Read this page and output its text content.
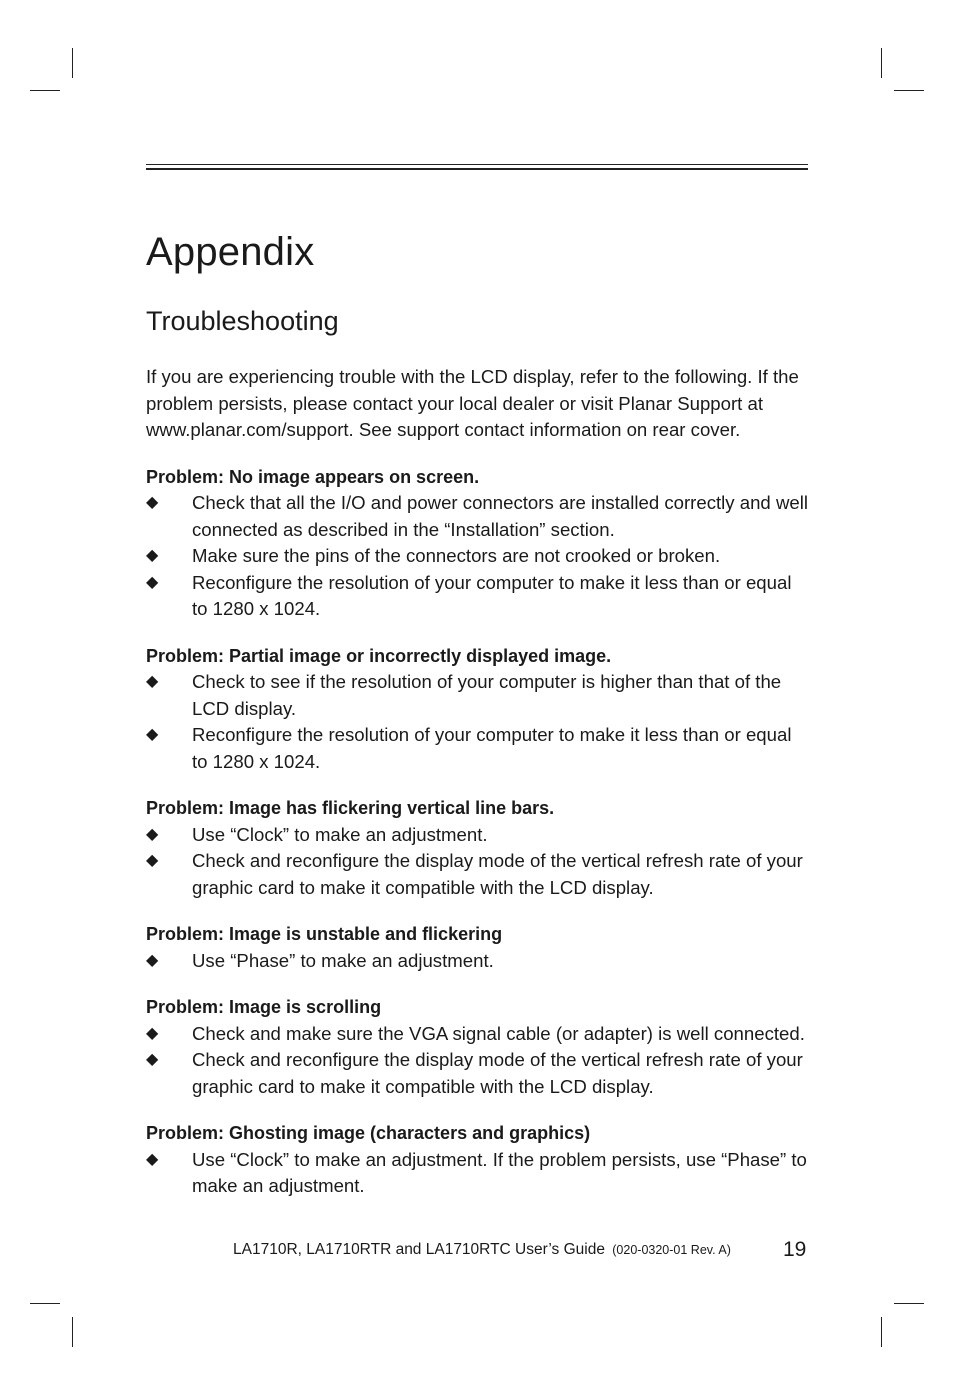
Appendix
Troubleshooting

If you are experiencing trouble with the LCD display, refer to the following. If the problem persists, please contact your local dealer or visit Planar Support at www.planar.com/support. See support contact information on rear cover.

Problem: No image appears on screen.

◆ Check that all the I/O and power connectors are installed correctly and well connected as described in the “Installation” section.
◆ Make sure the pins of the connectors are not crooked or broken.
◆ Reconfigure the resolution of your computer to make it less than or equal to 1280 x 1024.

Problem: Partial image or incorrectly displayed image.

◆ Check to see if the resolution of your computer is higher than that of the LCD display.
◆ Reconfigure the resolution of your computer to make it less than or equal to 1280 x 1024.

Problem: Image has flickering vertical line bars.

◆ Use “Clock” to make an adjustment.
◆ Check and reconfigure the display mode of the vertical refresh rate of your graphic card to make it compatible with the LCD display.

Problem: Image is unstable and flickering

◆ Use “Phase” to make an adjustment.

Problem: Image is scrolling

◆ Check and make sure the VGA signal cable (or adapter) is well connected.
◆ Check and reconfigure the display mode of the vertical refresh rate of your graphic card to make it compatible with the LCD display.

Problem: Ghosting image (characters and graphics)

◆ Use “Clock” to make an adjustment. If the problem persists, use “Phase” to make an adjustment.
LA1710R, LA1710RTR and LA1710RTC User’s Guide (020-0320-01 Rev. A) 19
